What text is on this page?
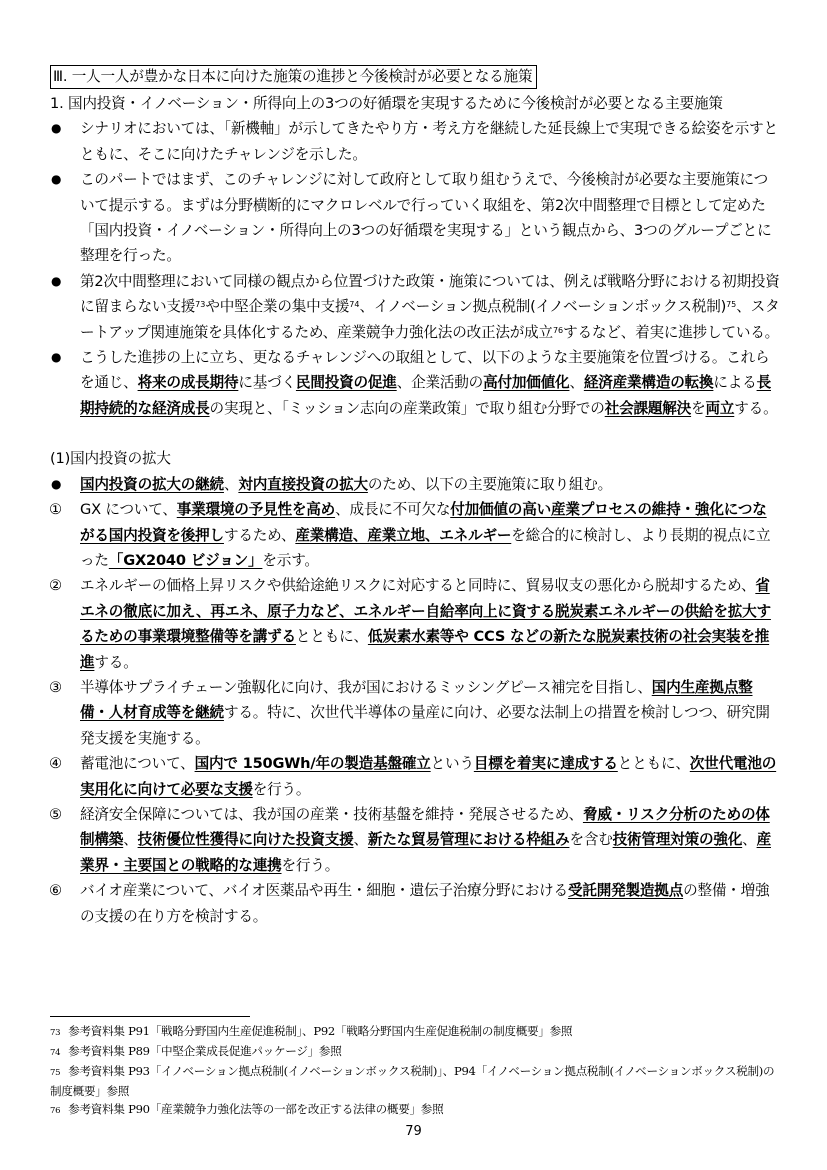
Ⅲ. 一人一人が豊かな日本に向けた施策の進捗と今後検討が必要となる施策

1. 国内投資・イノベーション・所得向上の3つの好循環を実現するために今後検討が必要となる主要施策

● シナリオにおいては、「新機軸」が示してきたやり方・考え方を継続した延長線上で実現できる絵姿を示すとともに、そこに向けたチャレンジを示した。
● このパートではまず、このチャレンジに対して政府として取り組むうえで、今後検討が必要な主要施策について提示する。まずは分野横断的にマクロレベルで行っていく取組を、第2次中間整理で目標として定めた「国内投資・イノベーション・所得向上の3つの好循環を実現する」という観点から、3つのグループごとに整理を行った。
● 第2次中間整理において同様の観点から位置づけた政策・施策については、例えば戦略分野における初期投資に留まらない支援$^{73}$や中堅企業の集中支援$^{74}$、イノベーション拠点税制(イノベーションボックス税制)$^{75}$、スタートアップ関連施策を具体化するため、産業競争力強化法の改正法が成立$^{76}$するなど、着実に進捗している。
● こうした進捗の上に立ち、更なるチャレンジへの取組として、以下のような主要施策を位置づける。これらを通じ、将来の成長期待に基づく民間投資の促進、企業活動の高付加価値化、経済産業構造の転換による長期持続的な経済成長の実現と、「ミッション志向の産業政策」で取り組む分野での社会課題解決を両立する。

(1)国内投資の拡大

● 国内投資の拡大の継続、対内直接投資の拡大のため、以下の主要施策に取り組む。
① GX について、事業環境の予見性を高め、成長に不可欠な付加価値の高い産業プロセスの維持・強化につながる国内投資を後押しするため、産業構造、産業立地、エネルギーを総合的に検討し、より長期的視点に立った「GX2040 ビジョン」を示す。
② エネルギーの価格上昇リスクや供給途絶リスクに対応すると同時に、貿易収支の悪化から脱却するため、省エネの徹底に加え、再エネ、原子力など、エネルギー自給率向上に資する脱炭素エネルギーの供給を拡大するための事業環境整備等を講ずるとともに、低炭素水素等や CCS などの新たな脱炭素技術の社会実装を推進する。
③ 半導体サプライチェーン強靱化に向け、我が国におけるミッシングピース補完を目指し、国内生産拠点整備・人材育成等を継続する。特に、次世代半導体の量産に向け、必要な法制上の措置を検討しつつ、研究開発支援を実施する。
④ 蓄電池について、国内で 150GWh/年の製造基盤確立という目標を着実に達成するとともに、次世代電池の実用化に向けて必要な支援を行う。
⑤ 経済安全保障については、我が国の産業・技術基盤を維持・発展させるため、脅威・リスク分析のための体制構築、技術優位性獲得に向けた投資支援、新たな貿易管理における枠組みを含む技術管理対策の強化、産業界・主要国との戦略的な連携を行う。
⑥ バイオ産業について、バイオ医薬品や再生・細胞・遺伝子治療分野における受託開発製造拠点の整備・増強の支援の在り方を検討する。

73 参考資料集 P91「戦略分野国内生産促進税制」、P92「戦略分野国内生産促進税制の制度概要」参照

74 参考資料集 P89「中堅企業成長促進パッケージ」参照

75 参考資料集 P93「イノベーション拠点税制(イノベーションボックス税制)」、P94「イノベーション拠点税制(イノベーションボックス税制)の制度概要」参照

76 参考資料集 P90「産業競争力強化法等の一部を改正する法律の概要」参照

79
